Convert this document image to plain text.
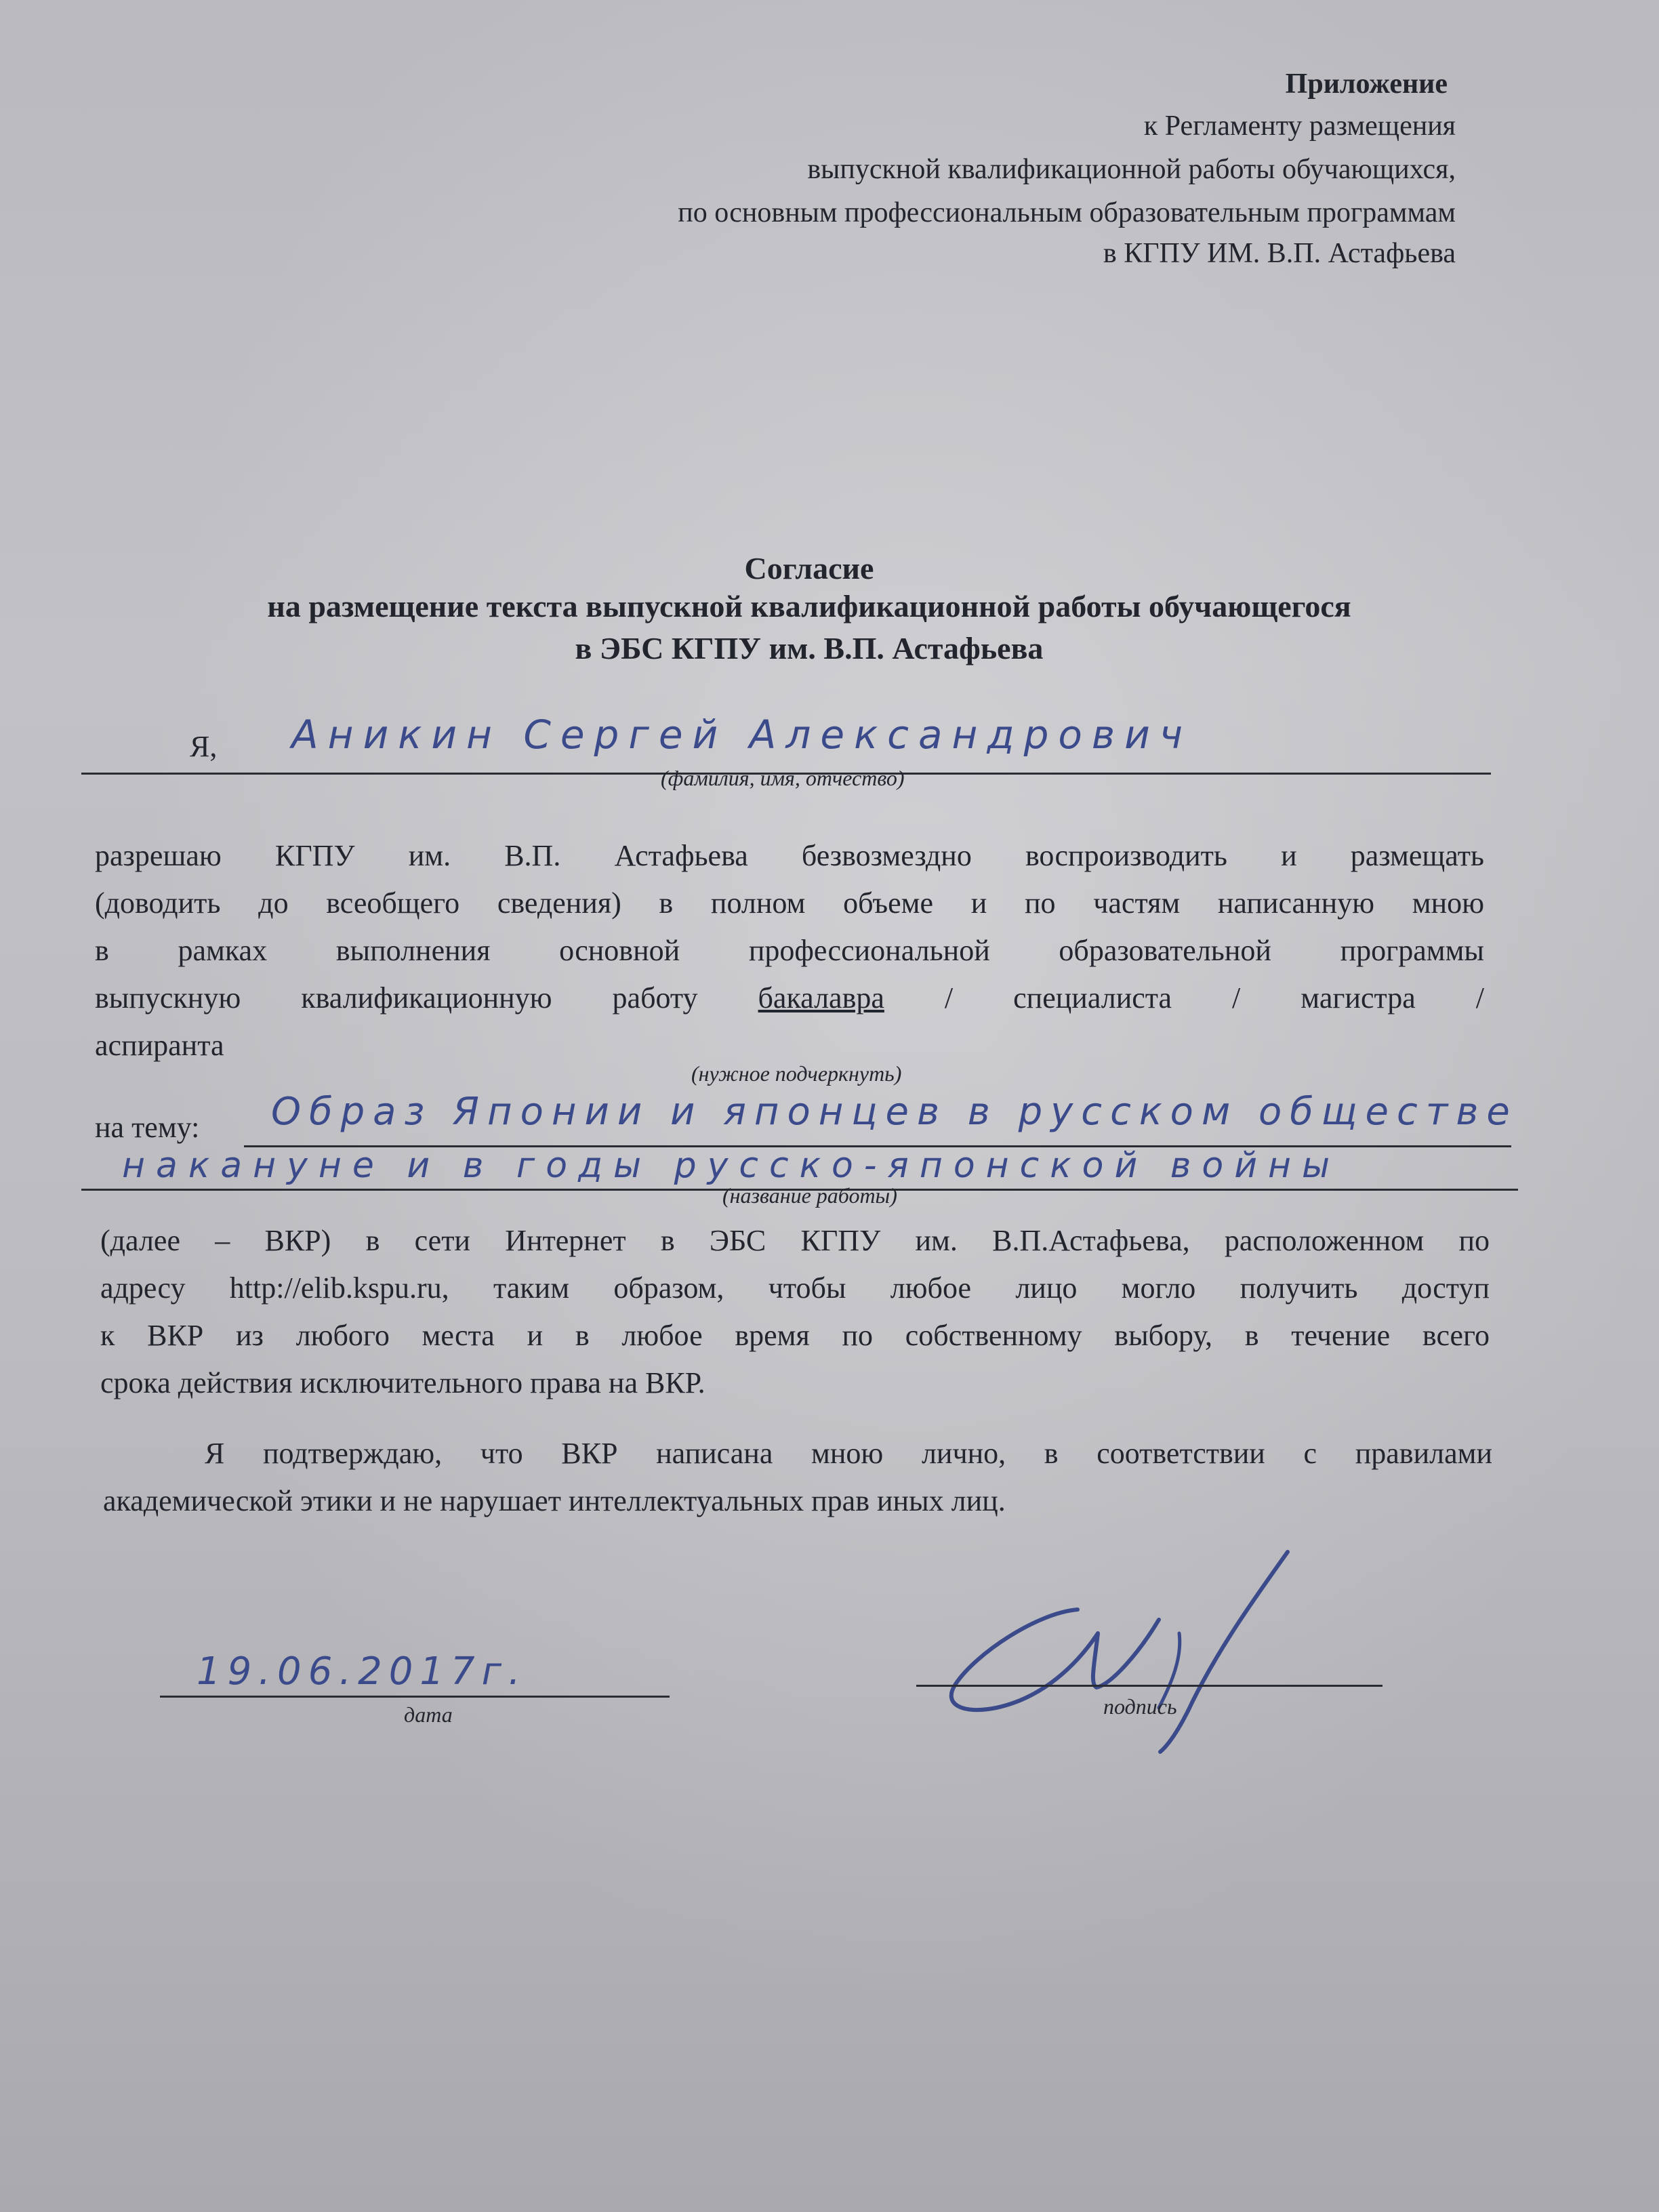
Приложение
к Регламенту размещения
выпускной квалификационной работы обучающихся,
по основным профессиональным образовательным программам
в КГПУ ИМ. В.П. Астафьева
Согласие
на размещение текста выпускной квалификационной работы обучающегося
в ЭБС КГПУ им. В.П. Астафьева
Я, Аникин Сергей Александрович
(фамилия, имя, отчество)
разрешаю КГПУ им. В.П. Астафьева безвозмездно воспроизводить и размещать
(доводить до всеобщего сведения) в полном объеме и по частям написанную мною
в рамках выполнения основной профессиональной образовательной программы
выпускную квалификационную работу бакалавра / специалиста / магистра /
аспиранта
(нужное подчеркнуть)
на тему: Образ Японии и японцев в русском обществе
накануне и в годы русско-японской войны
(название работы)
(далее – ВКР) в сети Интернет в ЭБС КГПУ им. В.П.Астафьева, расположенном по
адресу http://elib.kspu.ru, таким образом, чтобы любое лицо могло получить доступ
к ВКР из любого места и в любое время по собственному выбору, в течение всего
срока действия исключительного права на ВКР.
Я подтверждаю, что ВКР написана мною лично, в соответствии с правилами
академической этики и не нарушает интеллектуальных прав иных лиц.
19.06.2017г.
дата	подпись
